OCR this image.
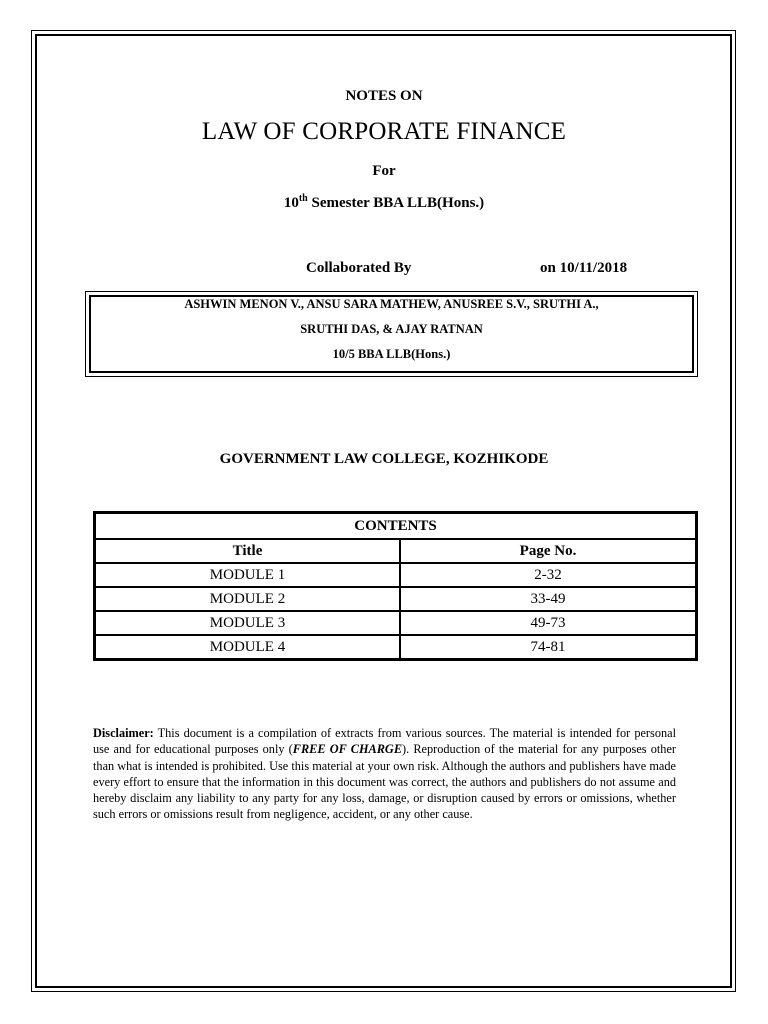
NOTES ON
LAW OF CORPORATE FINANCE
For
10th Semester BBA LLB(Hons.)
Collaborated By	on 10/11/2018
ASHWIN MENON V., ANSU SARA MATHEW, ANUSREE S.V., SRUTHI A.,
SRUTHI DAS, & AJAY RATNAN
10/5 BBA LLB(Hons.)
GOVERNMENT LAW COLLEGE, KOZHIKODE
CONTENTS	
Title	Page No.
MODULE 1	2-32
MODULE 2	33-49
MODULE 3	49-73
MODULE 4	74-81
Disclaimer: This document is a compilation of extracts from various sources. The material is intended for personal use and for educational purposes only (FREE OF CHARGE). Reproduction of the material for any purposes other than what is intended is prohibited. Use this material at your own risk. Although the authors and publishers have made every effort to ensure that the information in this document was correct, the authors and publishers do not assume and hereby disclaim any liability to any party for any loss, damage, or disruption caused by errors or omissions, whether such errors or omissions result from negligence, accident, or any other cause.
